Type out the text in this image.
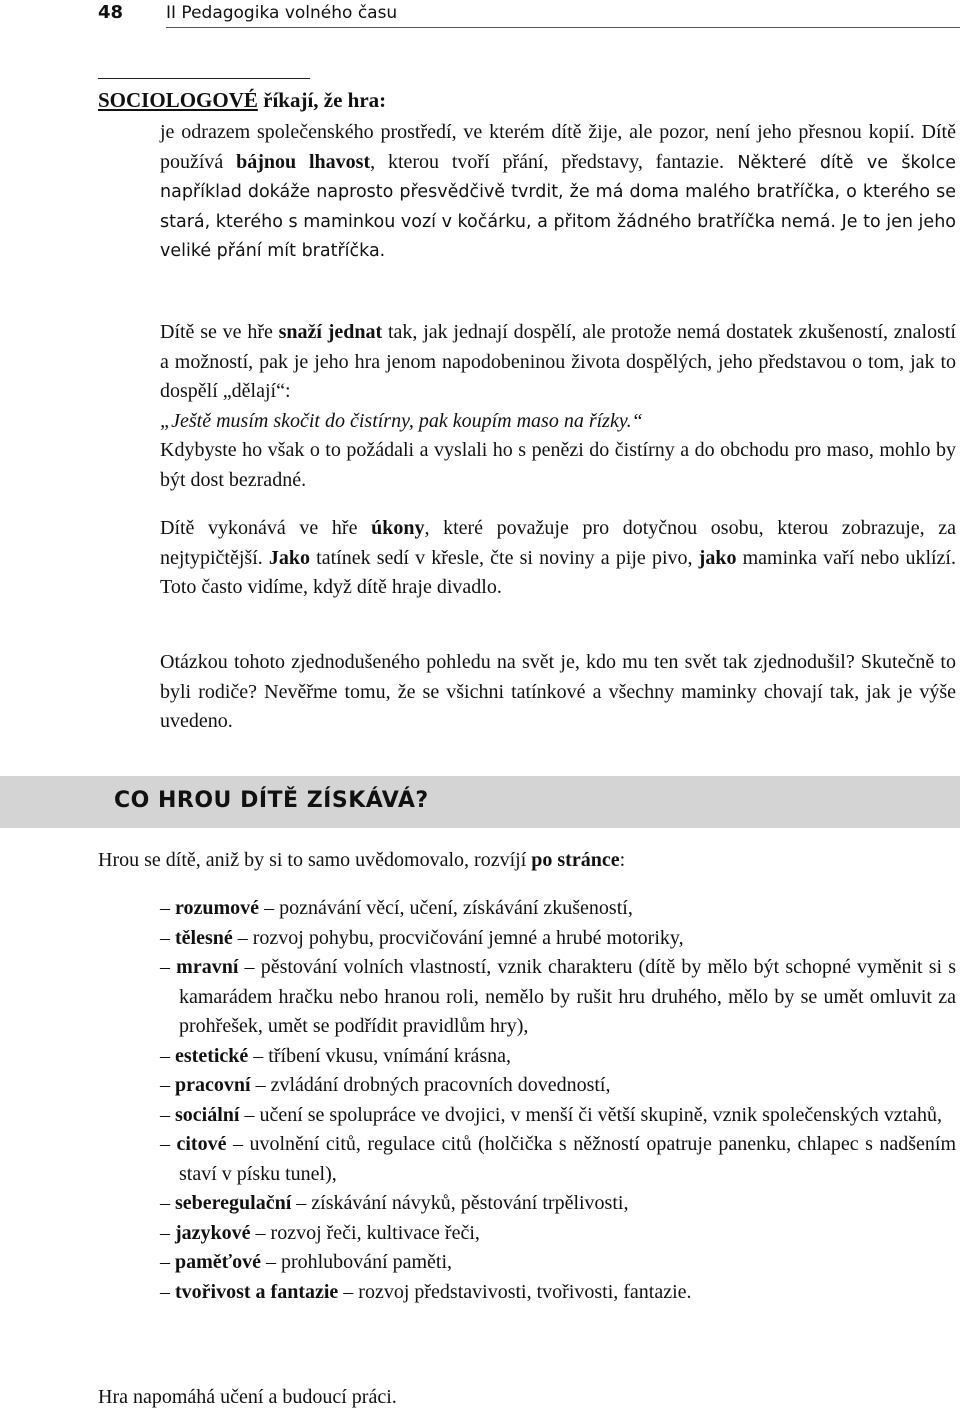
48	II Pedagogika volného času
SOCIOLOGOVÉ říkají, že hra:

je odrazem společenského prostředí, ve kterém dítě žije, ale pozor, není jeho přesnou kopií. Dítě používá bájnou lhavost, kterou tvoří přání, představy, fantazie. Některé dítě ve školce například dokáže naprosto přesvědčivě tvrdit, že má doma malého bratříčka, o kterého se stará, kterého s maminkou vozí v kočárku, a přitom žádného bratříčka nemá. Je to jen jeho veliké přání mít bratříčka.

Dítě se ve hře snaží jednat tak, jak jednají dospělí, ale protože nemá dostatek zkušeností, znalostí a možností, pak je jeho hra jenom napodobeninou života dospělých, jeho představou o tom, jak to dospělí „dělají“:
„Ještě musím skočit do čistírny, pak koupím maso na řízky.“
Kdybyste ho však o to požádali a vyslali ho s penězi do čistírny a do obchodu pro maso, mohlo by být dost bezradné.

Dítě vykonává ve hře úkony, které považuje pro dotyčnou osobu, kterou zobrazuje, za nejtypičtější. Jako tatínek sedí v křesle, čte si noviny a pije pivo, jako maminka vaří nebo uklízí. Toto často vidíme, když dítě hraje divadlo.

Otázkou tohoto zjednodušeného pohledu na svět je, kdo mu ten svět tak zjednodušil? Skutečně to byli rodiče? Nevěřme tomu, že se všichni tatínkové a všechny maminky chovají tak, jak je výše uvedeno.

CO HROU DÍTĚ ZÍSKÁVÁ?

Hrou se dítě, aniž by si to samo uvědomovalo, rozvíjí po stránce:

– rozumové – poznávání věcí, učení, získávání zkušeností,
– tělesné – rozvoj pohybu, procvičování jemné a hrubé motoriky,
– mravní – pěstování volních vlastností, vznik charakteru (dítě by mělo být schopné vyměnit si s kamarádem hračku nebo hranou roli, nemělo by rušit hru druhého, mělo by se umět omluvit za prohřešek, umět se podřídit pravidlům hry),
– estetické – tříbení vkusu, vnímání krásna,
– pracovní – zvládání drobných pracovních dovedností,
– sociální – učení se spolupráce ve dvojici, v menší či větší skupině, vznik společenských vztahů,
– citové – uvolnění citů, regulace citů (holčička s něžností opatruje panenku, chlapec s nadšením staví v písku tunel),
– seberegulační – získávání návyků, pěstování trpělivosti,
– jazykové – rozvoj řeči, kultivace řeči,
– paměťové – prohlubování paměti,
– tvořivost a fantazie – rozvoj představivosti, tvořivosti, fantazie.

Hra napomáhá učení a budoucí práci.
